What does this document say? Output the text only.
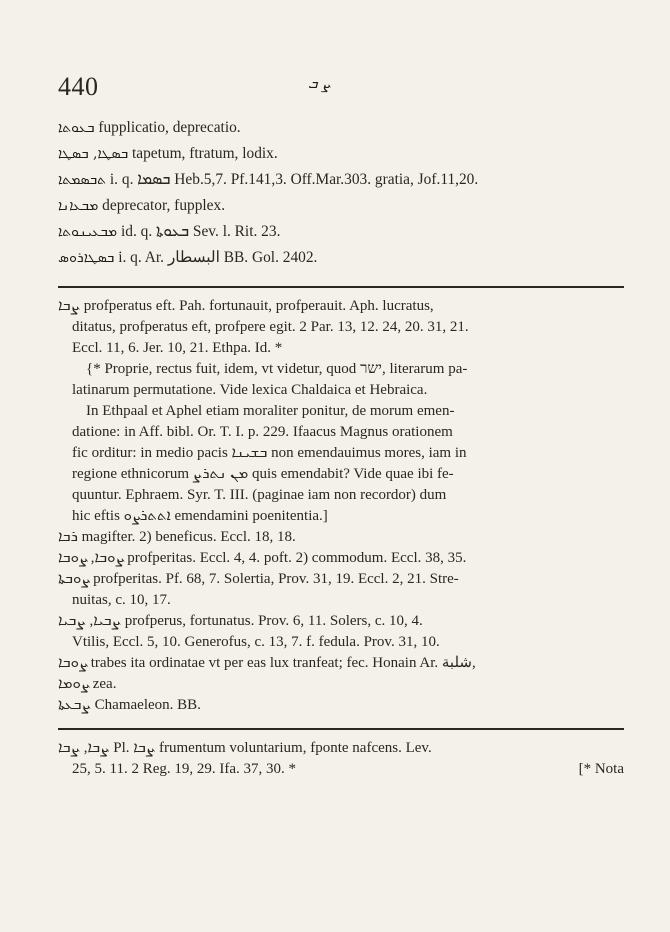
440	ܨ ܒ
ܒܥܘܬܐ fupplicatio, deprecatio.
ܒܣܛܐ, ܒܣܛܐ tapetum, ftratum, lodix.
ܬܒܣܡܬܐ i. q. ܒܣܡܐ Heb.5,7. Pf.141,3. Off.Mar.303. gratia, Jof.11,20.
ܡܒܥܐܢܐ deprecator, fupplex.
ܡܒܥܝܢܘܬܐ id. q. ܒܥܘܬܐ Sev. l. Rit. 23.
ܒܣܛܐܪܘܣ i. q. Ar. البسطار BB. Gol. 2402.
ܨܒܐ profperatus eft. Pah. fortunauit, profperauit. Aph. lucratus,
ditatus, profperatus eft, profpere egit. 2 Par. 13, 12. 24, 20. 31, 21.
Eccl. 11, 6. Jer. 10, 21. Ethpa. Id. *
{* Proprie, rectus fuit, idem, vt videtur, quod ישר, literarum pa-
latinarum permutatione. Vide lexica Chaldaica et Hebraica.
In Ethpaal et Aphel etiam moraliter ponitur, de morum emen-
datione: in Aff. bibl. Or. T. I. p. 229. Ifaacus Magnus orationem
fic orditur: in medio pacis ܒܫܝܢܐ non emendauimus mores, iam in
regione ethnicorum ܡܢ ܢܬܪܨ quis emendabit? Vide quae ibi fe-
quuntur. Ephraem. Syr. T. III. (paginae iam non recordor) dum
hic eftis ܐܬܬܪܨܘ emendamini poenitentia.]
ܪܒܐ magifter. 2) beneficus. Eccl. 18, 18.
ܨܘܒܐ, ܨܘܒܐ profperitas. Eccl. 4, 4. poft. 2) commodum. Eccl. 38, 35.
ܨܘܒܬܐ profperitas. Pf. 68, 7. Solertia, Prov. 31, 19. Eccl. 2, 21. Stre-
nuitas, c. 10, 17.
ܨܒܝܐ, ܨܒܝܐ profperus, fortunatus. Prov. 6, 11. Solers, c. 10, 4.
Vtilis, Eccl. 5, 10. Generofus, c. 13, 7. f. fedula. Prov. 31, 10.
ܨܘܒܐ trabes ita ordinatae vt per eas lux tranfeat; fec. Honain Ar. شلبة,
ܨܘܡܐ zea.
ܨܒܥܬܐ Chamaeleon. BB.
ܨܒܐ, ܨܒܐ Pl. ܨܒܐ frumentum voluntarium, fponte nafcens. Lev.
25, 5. 11. 2 Reg. 19, 29. Ifa. 37, 30. *	[* Nota
